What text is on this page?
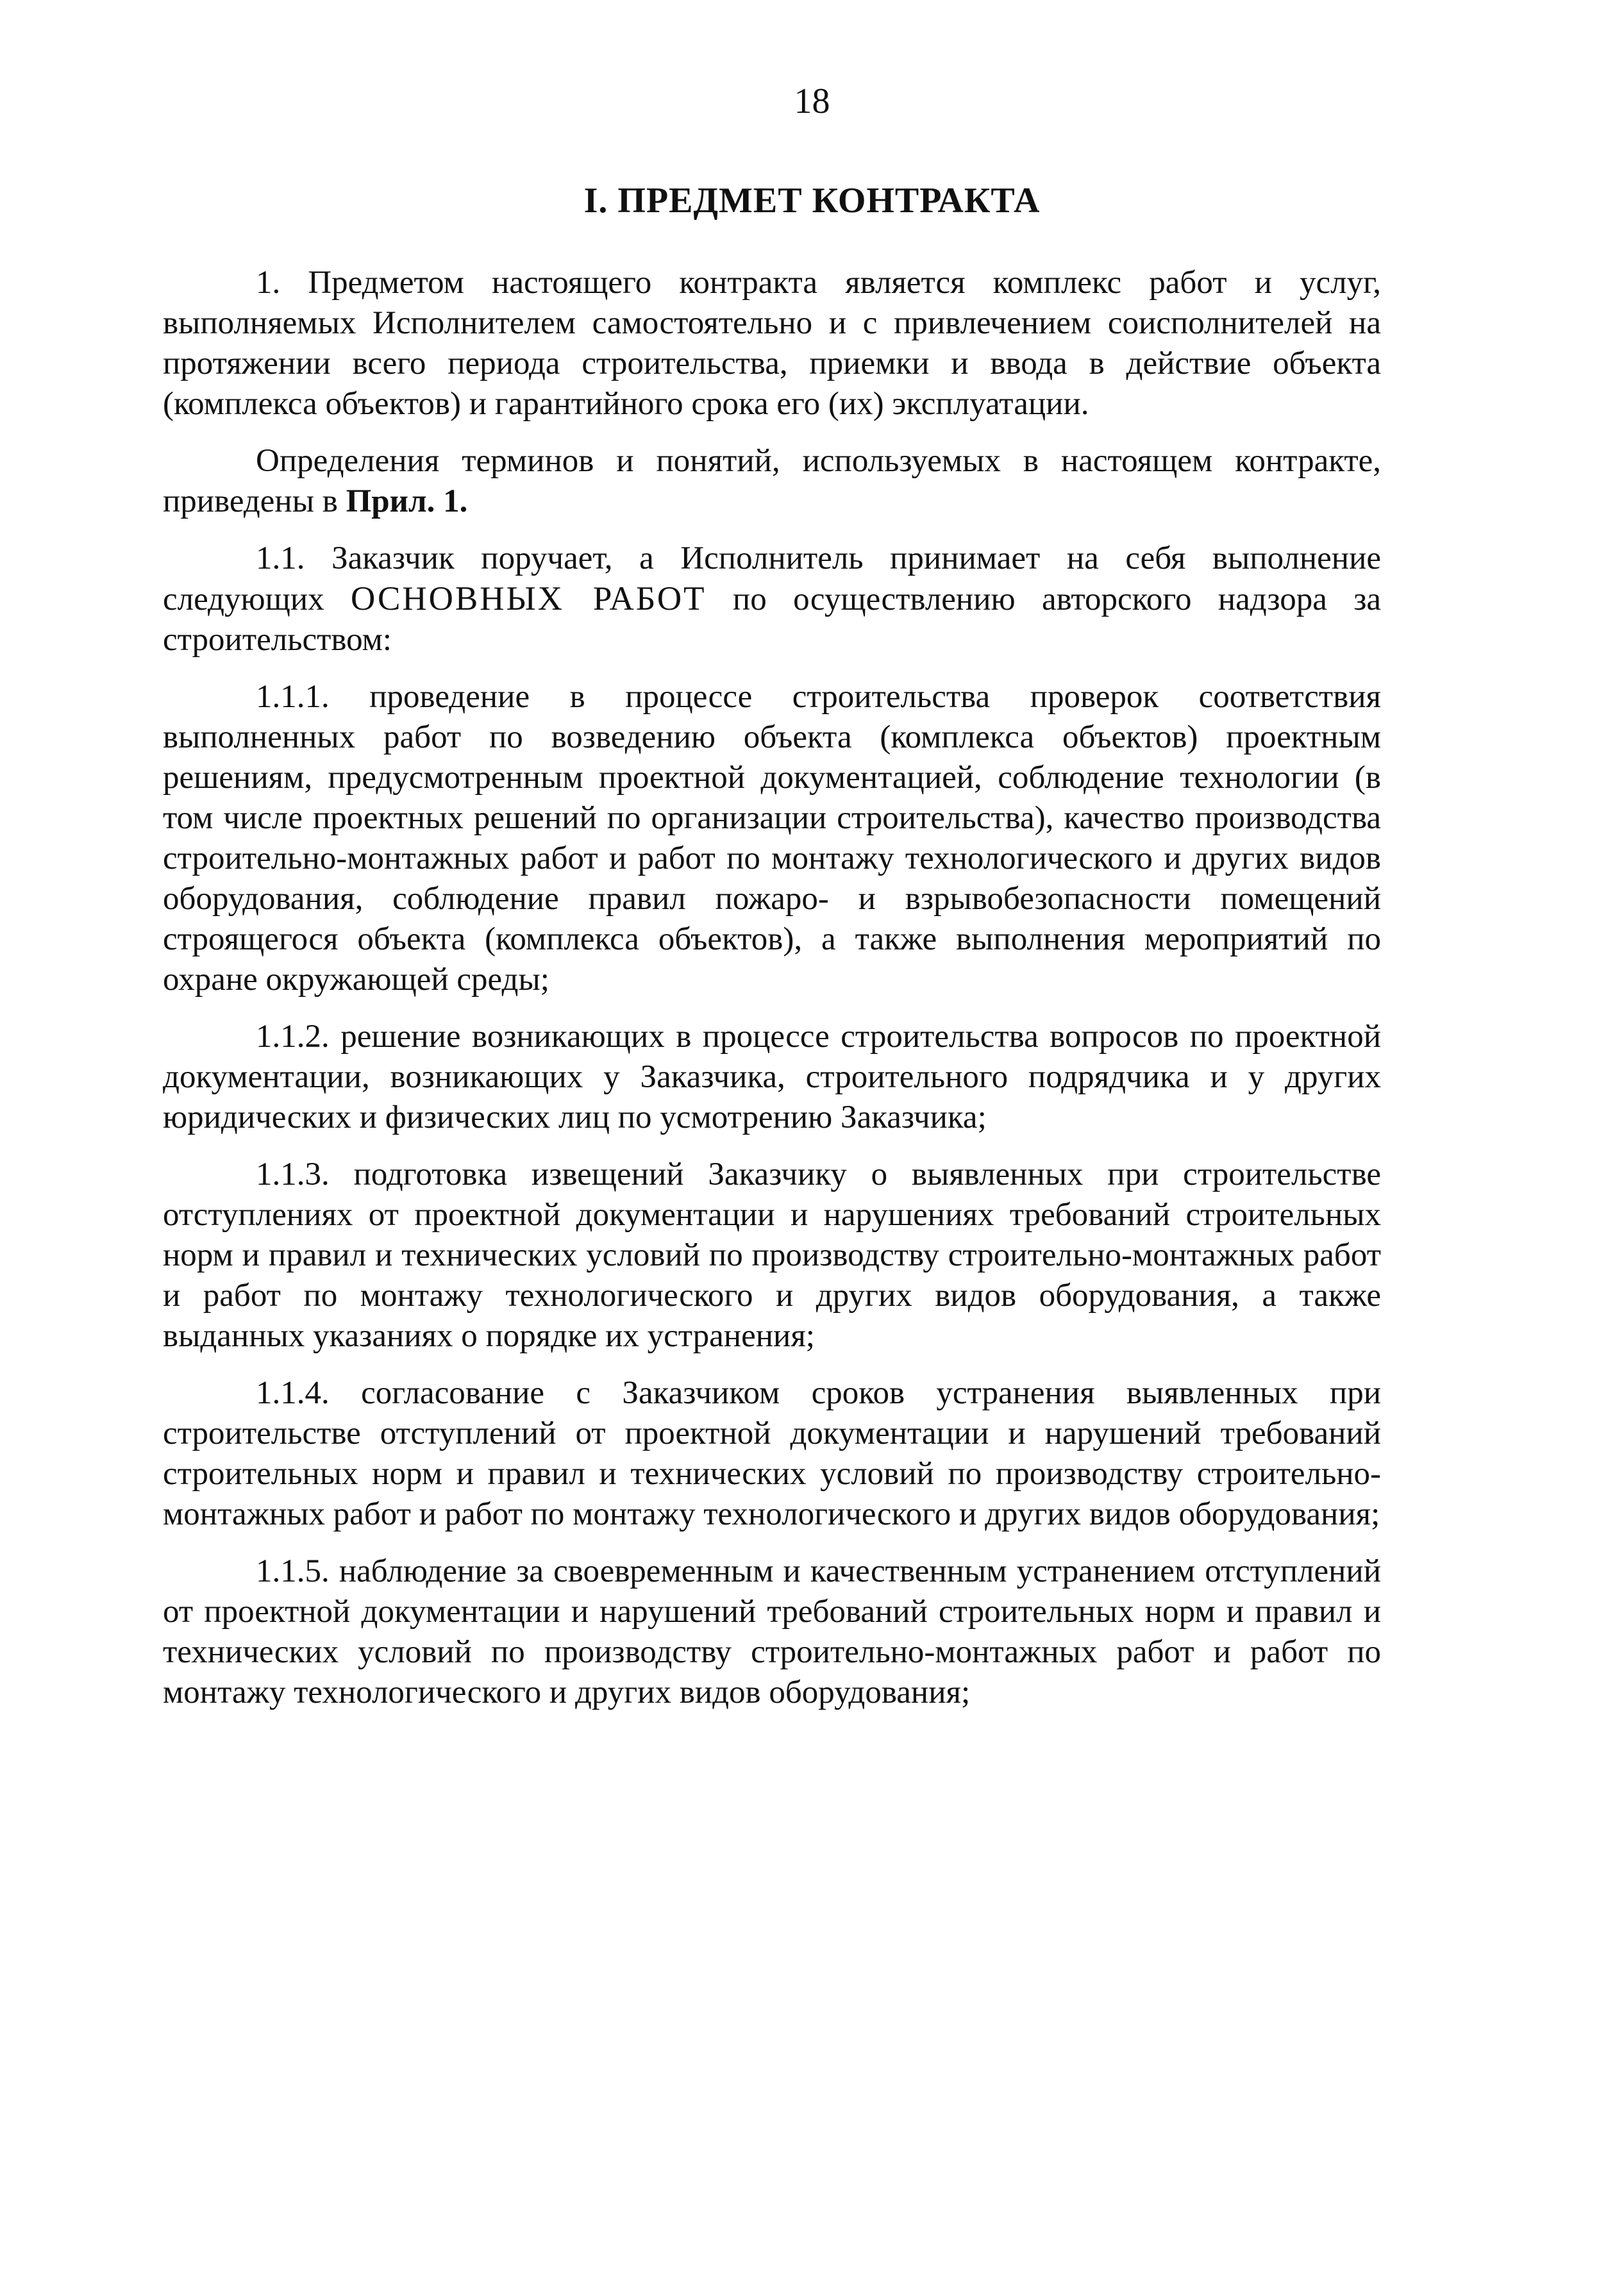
18
I. ПРЕДМЕТ КОНТРАКТА

1. Предметом настоящего контракта является комплекс работ и услуг, выполняемых Исполнителем самостоятельно и с привлечением соисполнителей на протяжении всего периода строительства, приемки и ввода в действие объекта (комплекса объектов) и гарантийного срока его (их) эксплуатации.

Определения терминов и понятий, используемых в настоящем контракте, приведены в Прил. 1.

1.1. Заказчик поручает, а Исполнитель принимает на себя выполнение следующих ОСНОВНЫХ РАБОТ по осуществлению авторского надзора за строительством:

1.1.1. проведение в процессе строительства проверок соответствия выполненных работ по возведению объекта (комплекса объектов) проектным решениям, предусмотренным проектной документацией, соблюдение технологии (в том числе проектных решений по организации строительства), качество производства строительно-монтажных работ и работ по монтажу технологического и других видов оборудования, соблюдение правил пожаро- и взрывобезопасности помещений строящегося объекта (комплекса объектов), а также выполнения мероприятий по охране окружающей среды;

1.1.2. решение возникающих в процессе строительства вопросов по проектной документации, возникающих у Заказчика, строительного подрядчика и у других юридических и физических лиц по усмотрению Заказчика;

1.1.3. подготовка извещений Заказчику о выявленных при строительстве отступлениях от проектной документации и нарушениях требований строительных норм и правил и технических условий по производству строительно-монтажных работ и работ по монтажу технологического и других видов оборудования, а также выданных указаниях о порядке их устранения;

1.1.4. согласование с Заказчиком сроков устранения выявленных при строительстве отступлений от проектной документации и нарушений требований строительных норм и правил и технических условий по производству строительно-монтажных работ и работ по монтажу технологического и других видов оборудования;

1.1.5. наблюдение за своевременным и качественным устранением отступлений от проектной документации и нарушений требований строительных норм и правил и технических условий по производству строительно-монтажных работ и работ по монтажу технологического и других видов оборудования;
